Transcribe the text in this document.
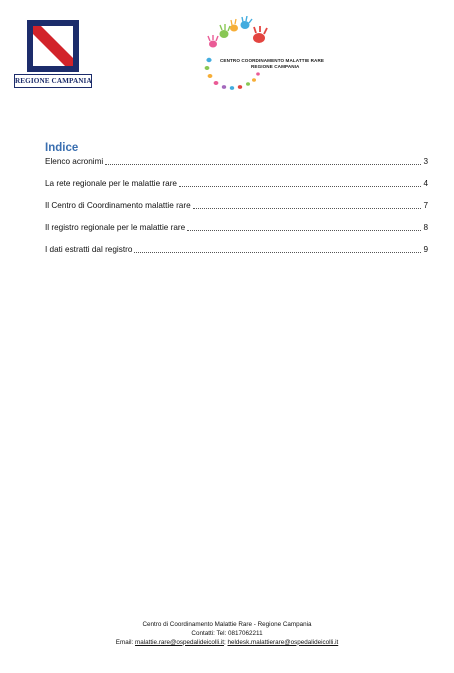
REGIONE CAMPANIA
CENTRO COORDINAMENTO MALATTIE RARE
REGIONE CAMPANIA
Indice
Elenco acronimi	3
La rete regionale per le malattie rare	4
Il Centro di Coordinamento malattie rare	7
Il registro regionale per le malattie rare	8
I dati estratti dal registro	9
Centro di Coordinamento Malattie Rare - Regione Campania
Contatti: Tel: 0817062211
Email: malattie.rare@ospedalideicolli.it; heldesk.malattierare@ospedalideicolli.it
